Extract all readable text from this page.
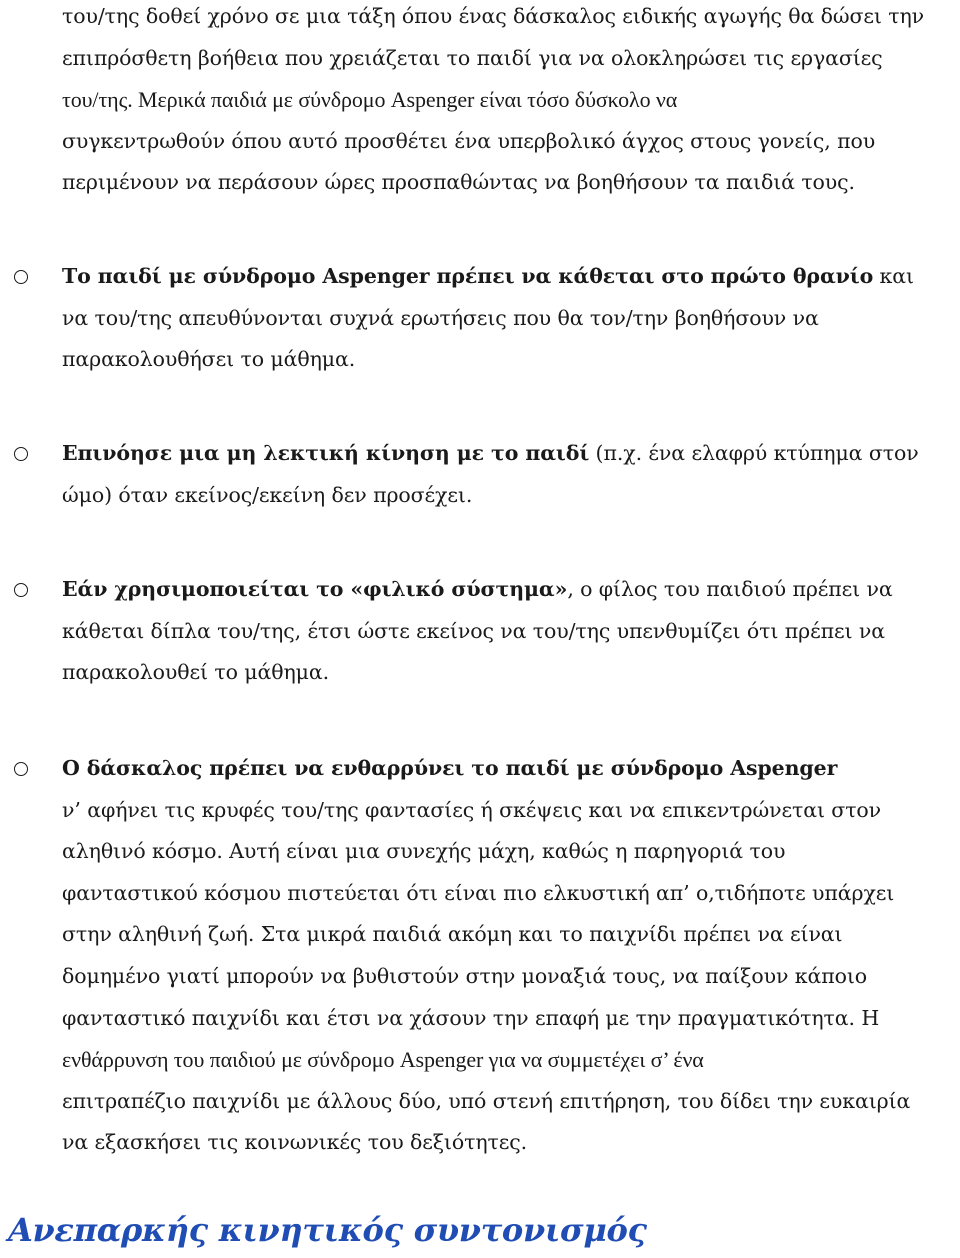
του/της δοθεί χρόνο σε μια τάξη όπου ένας δάσκαλος ειδικής αγωγής θα δώσει την
επιπρόσθετη βοήθεια που χρειάζεται το παιδί για να ολοκληρώσει τις εργασίες
του/της. Μερικά παιδιά με σύνδρομο Aspenger είναι τόσο δύσκολο να
συγκεντρωθούν όπου αυτό προσθέτει ένα υπερβολικό άγχος στους γονείς, που
περιμένουν να περάσουν ώρες προσπαθώντας να βοηθήσουν τα παιδιά τους.

Το παιδί με σύνδρομο Aspenger πρέπει να κάθεται στο πρώτο θρανίο και
να του/της απευθύνονται συχνά ερωτήσεις που θα τον/την βοηθήσουν να
παρακολουθήσει το μάθημα.

Επινόησε μια μη λεκτική κίνηση με το παιδί (π.χ. ένα ελαφρύ κτύπημα στον
ώμο) όταν εκείνος/εκείνη δεν προσέχει.

Εάν χρησιμοποιείται το «φιλικό σύστημα», ο φίλος του παιδιού πρέπει να
κάθεται δίπλα του/της, έτσι ώστε εκείνος να του/της υπενθυμίζει ότι πρέπει να
παρακολουθεί το μάθημα.

Ο δάσκαλος πρέπει να ενθαρρύνει το παιδί με σύνδρομο Aspenger
ν’ αφήνει τις κρυφές του/της φαντασίες ή σκέψεις και να επικεντρώνεται στον
αληθινό κόσμο. Αυτή είναι μια συνεχής μάχη, καθώς η παρηγοριά του
φανταστικού κόσμου πιστεύεται ότι είναι πιο ελκυστική απ’ ο,τιδήποτε υπάρχει
στην αληθινή ζωή. Στα μικρά παιδιά ακόμη και το παιχνίδι πρέπει να είναι
δομημένο γιατί μπορούν να βυθιστούν στην μοναξιά τους, να παίξουν κάποιο
φανταστικό παιχνίδι και έτσι να χάσουν την επαφή με την πραγματικότητα. Η
ενθάρρυνση του παιδιού με σύνδρομο Aspenger για να συμμετέχει σ’ ένα
επιτραπέζιο παιχνίδι με άλλους δύο, υπό στενή επιτήρηση, του δίδει την ευκαιρία
να εξασκήσει τις κοινωνικές του δεξιότητες.

Ανεπαρκής κινητικός συντονισμός
